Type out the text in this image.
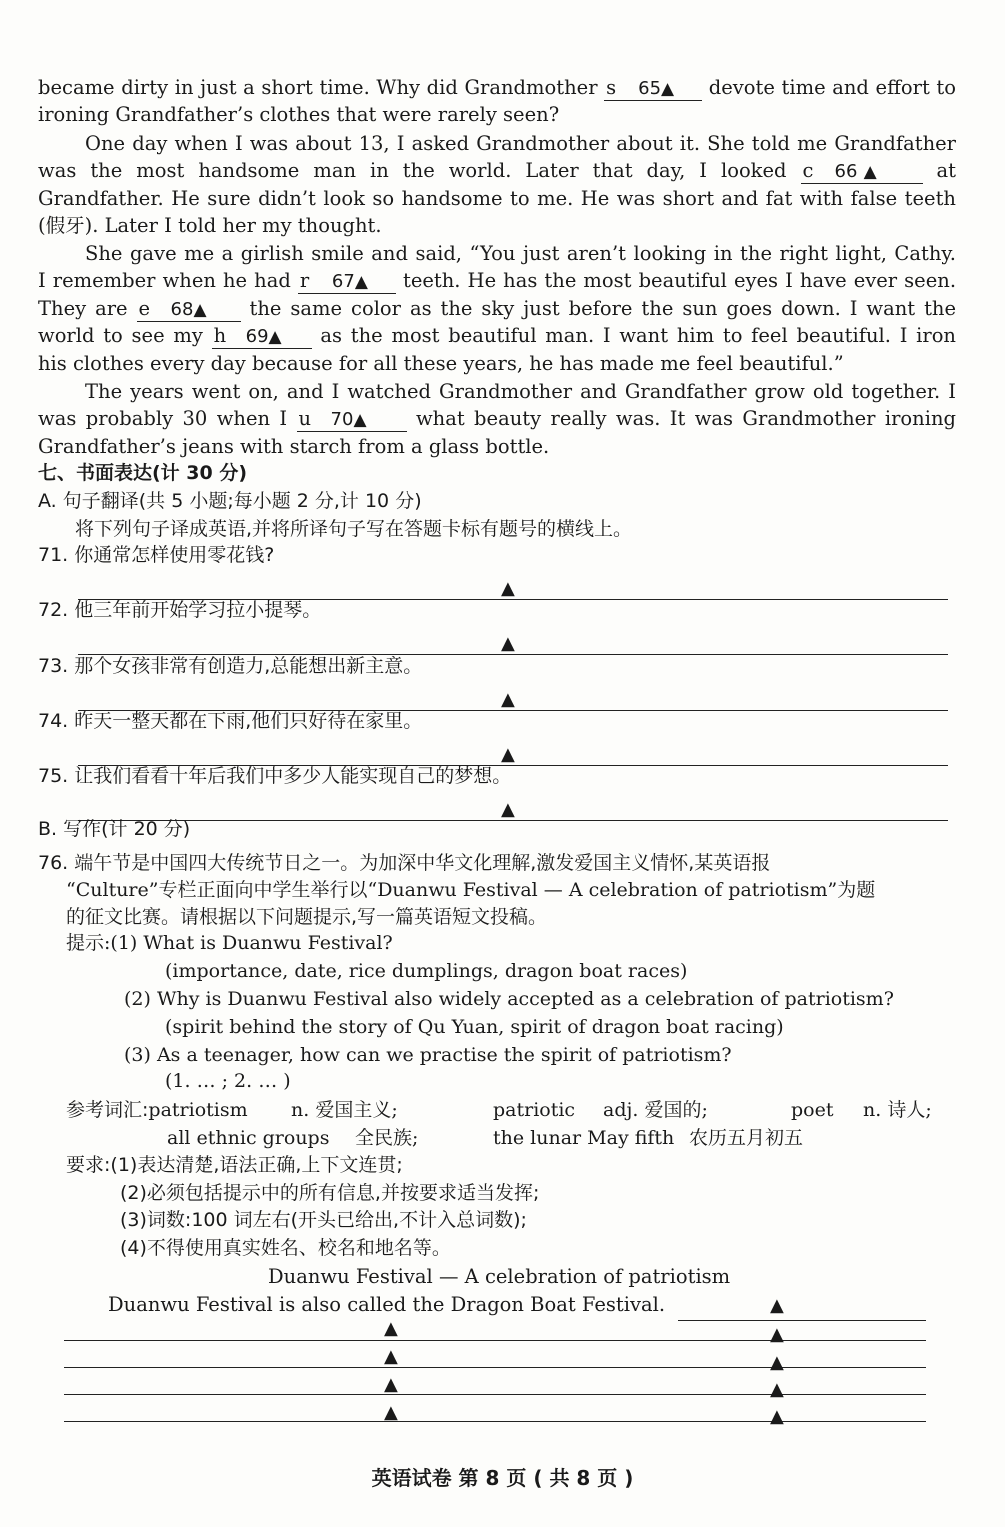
became dirty in just a short time. Why did Grandmother s 65▲ devote time and effort to
ironing Grandfather’s clothes that were rarely seen?
One day when I was about 13, I asked Grandmother about it. She told me Grandfather
was the most handsome man in the world. Later that day, I looked c 66 ▲	at
Grandfather. He sure didn’t look so handsome to me. He was short and fat with false teeth
(假牙). Later I told her my thought.
She gave me a girlish smile and said, “You just aren’t looking in the right light, Cathy.
I remember when he had r 67▲ teeth. He has the most beautiful eyes I have ever seen.
They are e 68▲ the same color as the sky just before the sun goes down. I want the
world to see my h 69▲ as the most beautiful man. I want him to feel beautiful. I iron
his clothes every day because for all these years, he has made me feel beautiful.”
The years went on, and I watched Grandmother and Grandfather grow old together. I
was probably 30 when I u 70▲	what beauty really was. It was Grandmother ironing
Grandfather’s jeans with starch from a glass bottle.
七、书面表达(计 30 分)
A. 句子翻译(共 5 小题;每小题 2 分,计 10 分)
将下列句子译成英语,并将所译句子写在答题卡标有题号的横线上。
71. 你通常怎样使用零花钱?
▲
72. 他三年前开始学习拉小提琴。
▲
73. 那个女孩非常有创造力,总能想出新主意。
▲
74. 昨天一整天都在下雨,他们只好待在家里。
▲
75. 让我们看看十年后我们中多少人能实现自己的梦想。
▲
B. 写作(计 20 分)
76. 端午节是中国四大传统节日之一。为加深中华文化理解,激发爱国主义情怀,某英语报
“Culture”专栏正面向中学生举行以“Duanwu Festival — A celebration of patriotism”为题
的征文比赛。请根据以下问题提示,写一篇英语短文投稿。
提示:(1) What is Duanwu Festival?
(importance, date, rice dumplings, dragon boat races)
(2) Why is Duanwu Festival also widely accepted as a celebration of patriotism?
(spirit behind the story of Qu Yuan, spirit of dragon boat racing)
(3) As a teenager, how can we practise the spirit of patriotism?
(1. … ; 2. … )
参考词汇:patriotism n. 爱国主义;	patriotic adj. 爱国的;	poet n. 诗人;
all ethnic groups 全民族;	the lunar May fifth 农历五月初五
要求:(1)表达清楚,语法正确,上下文连贯;
(2)必须包括提示中的所有信息,并按要求适当发挥;
(3)词数:100 词左右(开头已给出,不计入总词数);
(4)不得使用真实姓名、校名和地名等。
Duanwu Festival — A celebration of patriotism
Duanwu Festival is also called the Dragon Boat Festival.	▲
▲	▲
▲	▲
▲	▲
▲	▲
英语试卷 第 8 页 ( 共 8 页 )
